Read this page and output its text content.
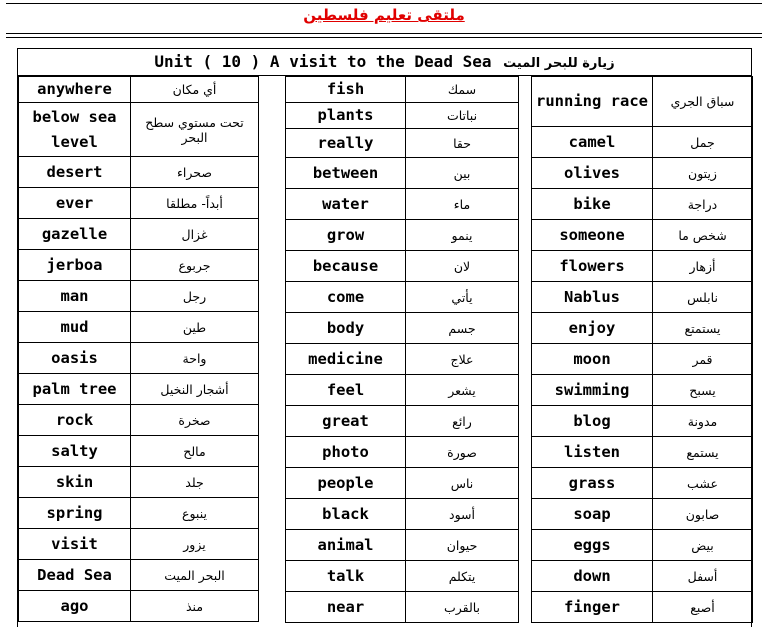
ملتقى تعليم فلسطين
Unit ( 10 ) A visit to the Dead Sea زيارة للبحر الميت
anywhere	أي مكان
below sea level	تحت مستوي سطح البحر
desert	صحراء
ever	أبداً- مطلقا
gazelle	غزال
jerboa	جربوع
man	رجل
mud	طين
oasis	واحة
palm tree	أشجار النخيل
rock	صخرة
salty	مالح
skin	جلد
spring	ينبوع
visit	يزور
Dead Sea	البحر الميت
ago	منذ
fish	سمك
plants	نباتات
really	حقا
between	بين
water	ماء
grow	ينمو
because	لان
come	يأتي
body	جسم
medicine	علاج
feel	يشعر
great	رائع
photo	صورة
people	ناس
black	أسود
animal	حيوان
talk	يتكلم
near	بالقرب
running race	سباق الجري
camel	جمل
olives	زيتون
bike	دراجة
someone	شخص ما
flowers	أزهار
Nablus	نابلس
enjoy	يستمتع
moon	قمر
swimming	يسبح
blog	مدونة
listen	يستمع
grass	عشب
soap	صابون
eggs	بيض
down	أسفل
finger	أصبع
